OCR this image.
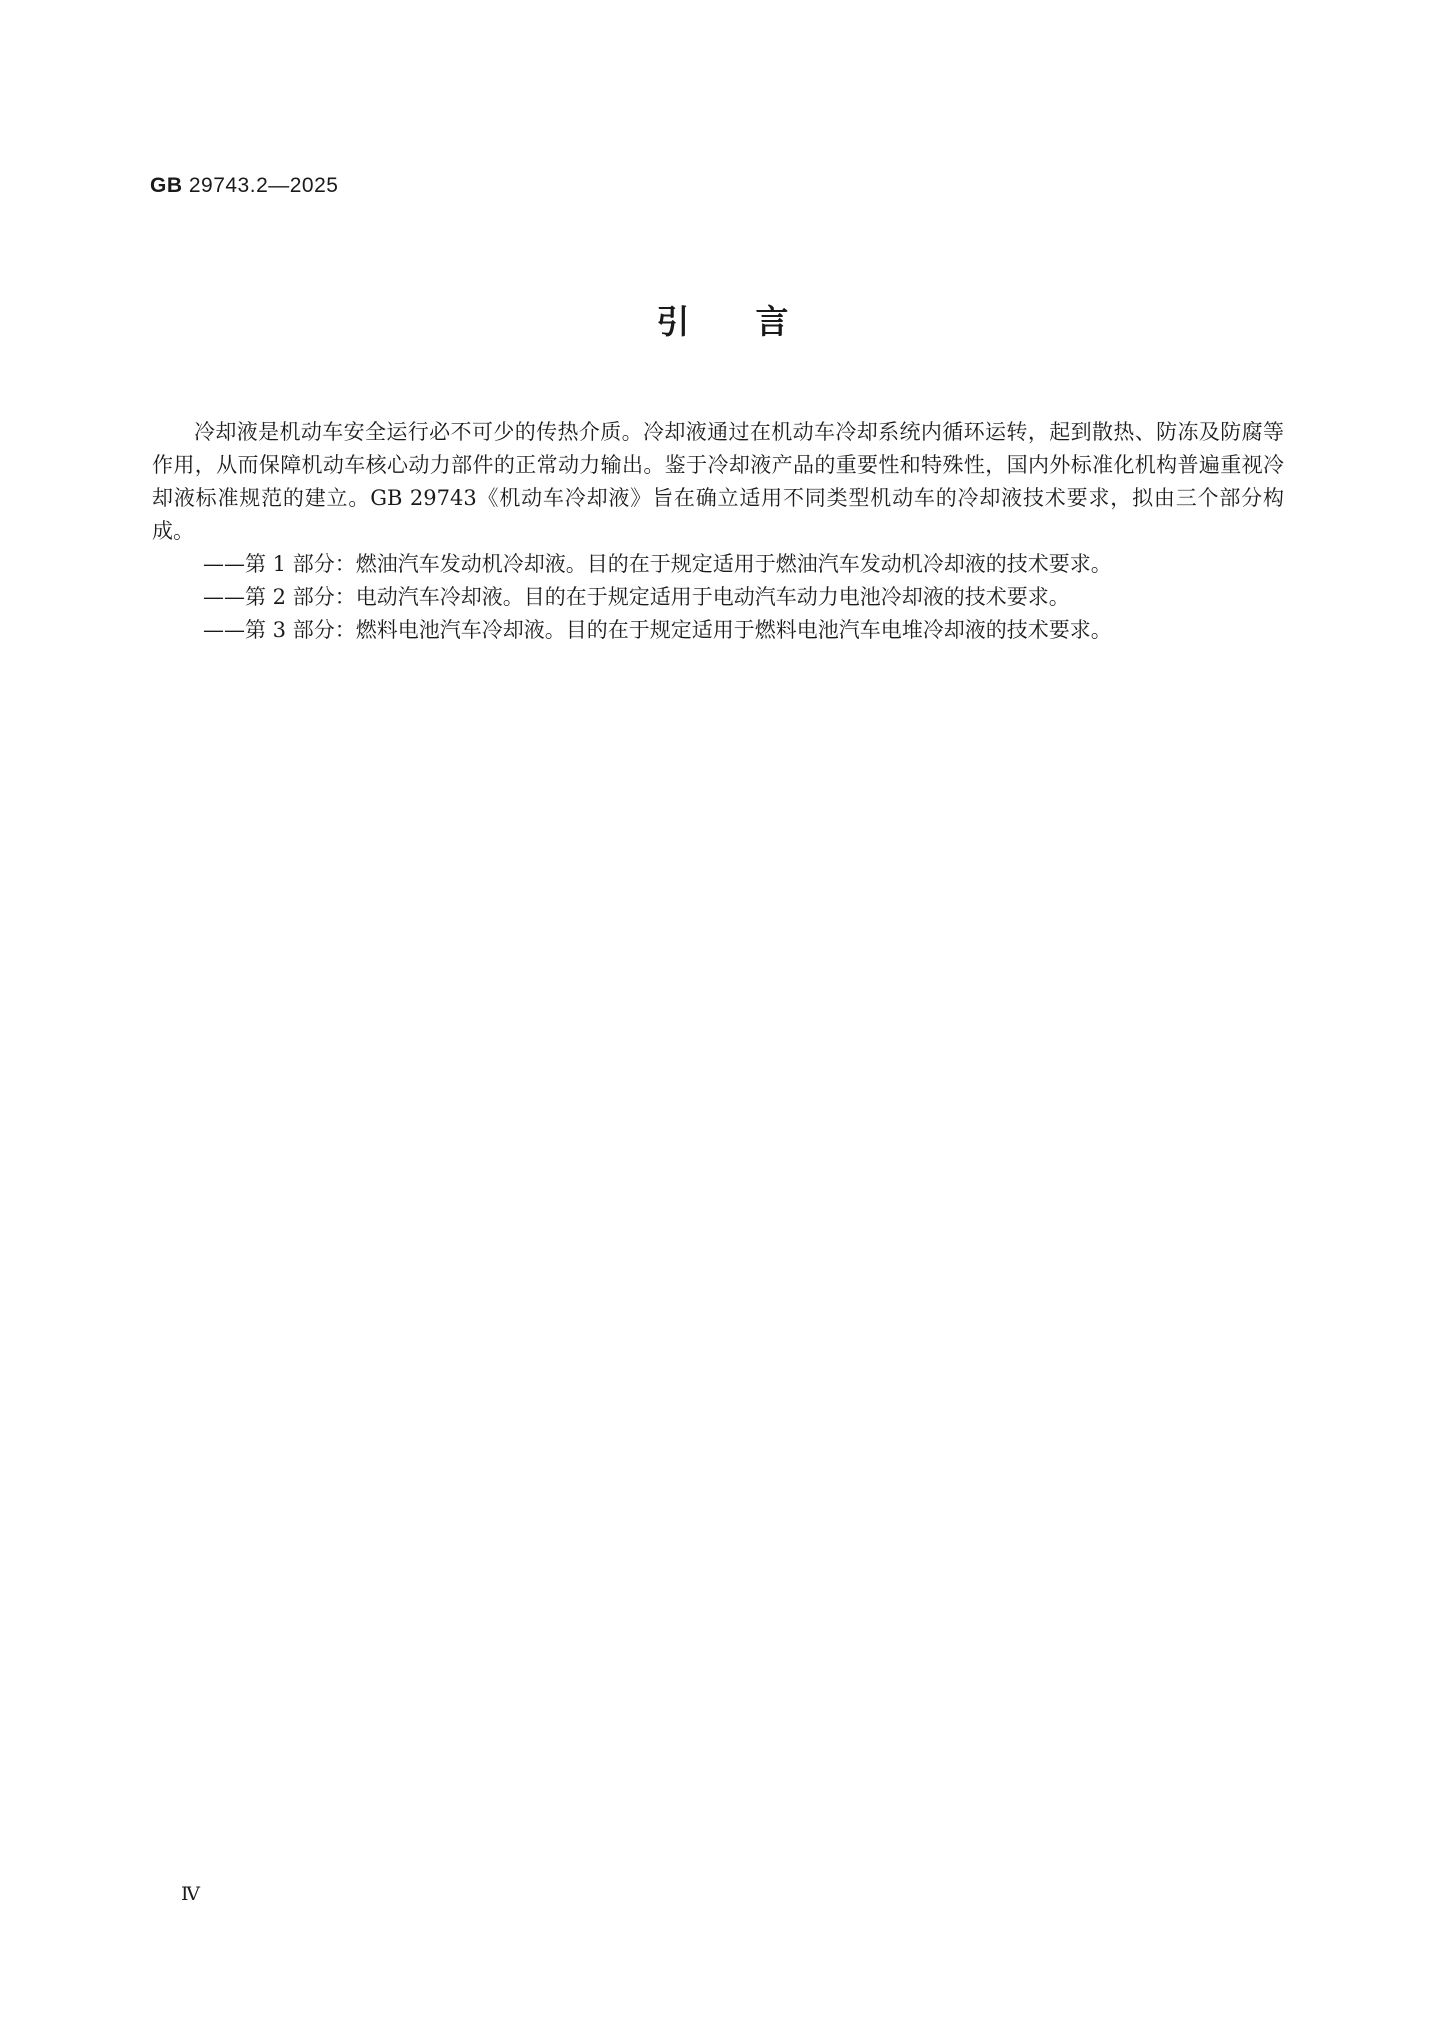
GB 29743.2—2025
引言

冷却液是机动车安全运行必不可少的传热介质。冷却液通过在机动车冷却系统内循环运转，起到散热、防冻及防腐等作用，从而保障机动车核心动力部件的正常动力输出。鉴于冷却液产品的重要性和特殊性，国内外标准化机构普遍重视冷却液标准规范的建立。GB 29743《机动车冷却液》旨在确立适用不同类型机动车的冷却液技术要求，拟由三个部分构成。

——第 1 部分：燃油汽车发动机冷却液。目的在于规定适用于燃油汽车发动机冷却液的技术要求。

——第 2 部分：电动汽车冷却液。目的在于规定适用于电动汽车动力电池冷却液的技术要求。

——第 3 部分：燃料电池汽车冷却液。目的在于规定适用于燃料电池汽车电堆冷却液的技术要求。

Ⅳ
